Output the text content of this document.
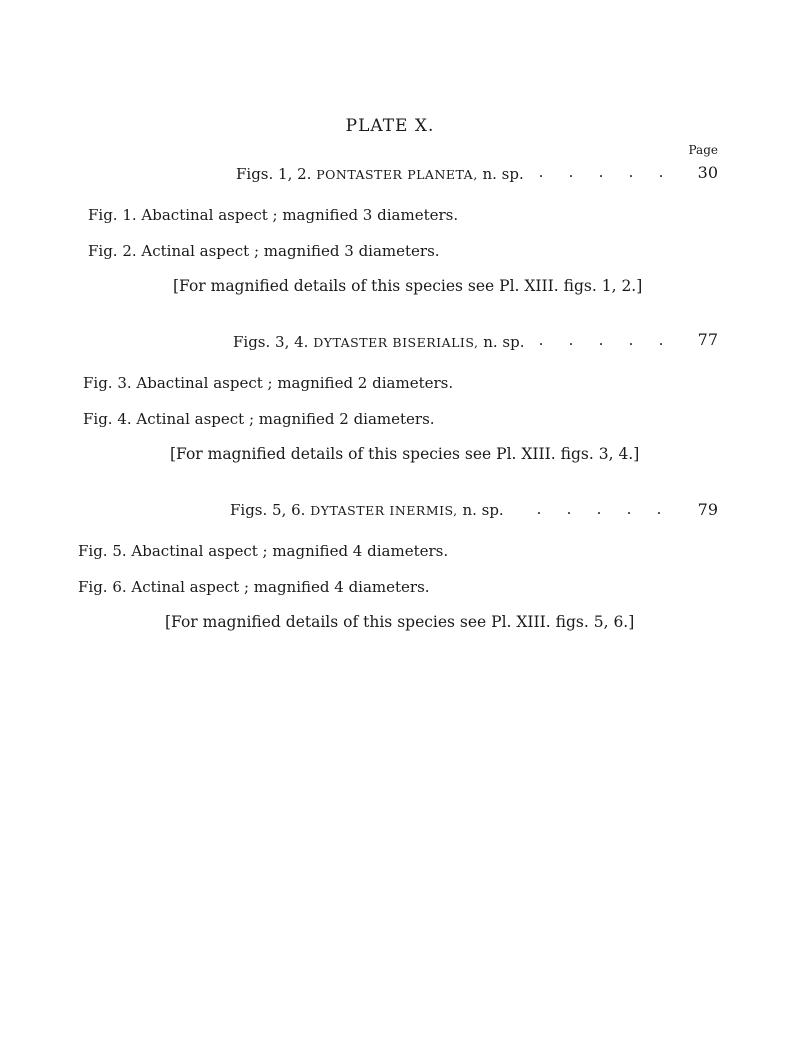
PLATE X.
Page
Figs. 1, 2. PONTASTER PLANETA, n. sp. . . . . .	30
Fig. 1. Abactinal aspect ; magnified 3 diameters.
Fig. 2. Actinal aspect ; magnified 3 diameters.
[For magnified details of this species see Pl. XIII. figs. 1, 2.]
Figs. 3, 4. DYTASTER BISERIALIS, n. sp. . . . . .	77
Fig. 3. Abactinal aspect ; magnified 2 diameters.
Fig. 4. Actinal aspect ; magnified 2 diameters.
[For magnified details of this species see Pl. XIII. figs. 3, 4.]
Figs. 5, 6. DYTASTER INERMIS, n. sp.	. . . . .	79
Fig. 5. Abactinal aspect ; magnified 4 diameters.
Fig. 6. Actinal aspect ; magnified 4 diameters.
[For magnified details of this species see Pl. XIII. figs. 5, 6.]
